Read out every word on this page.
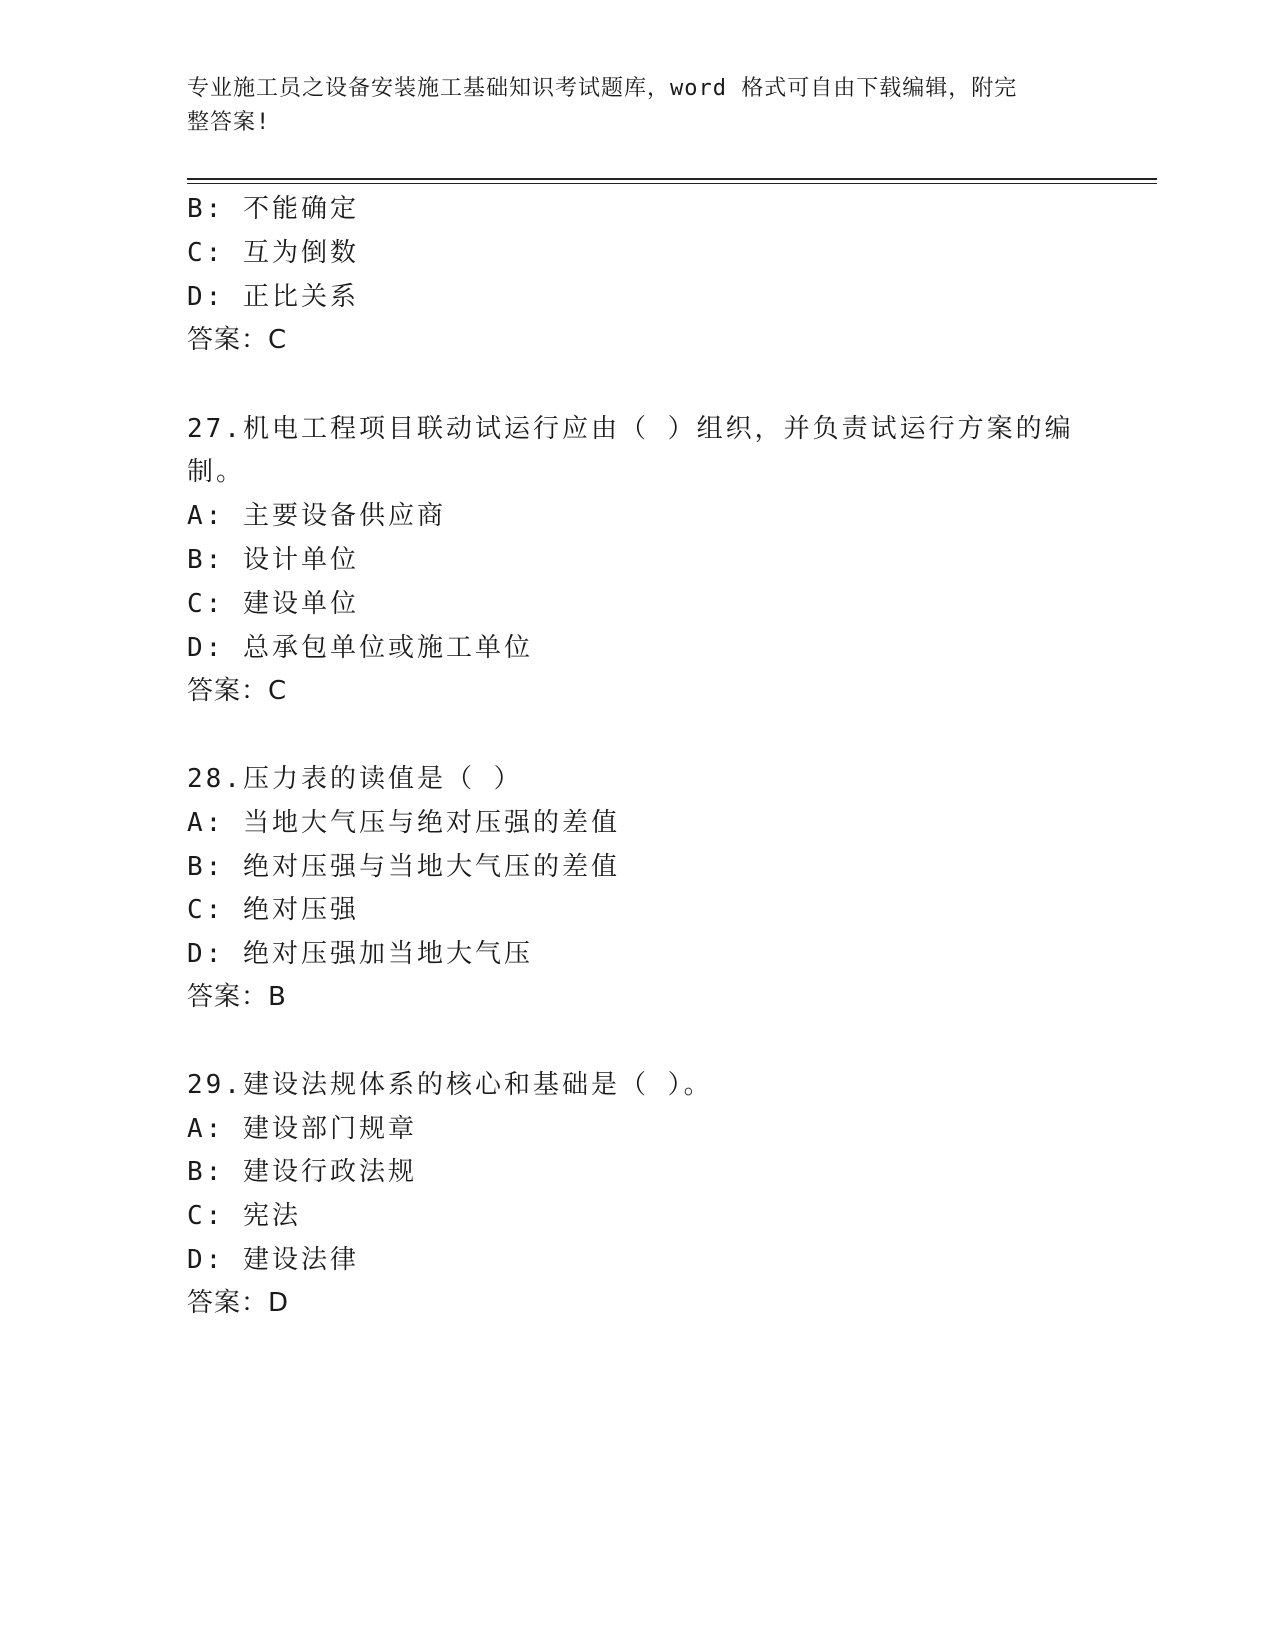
专业施工员之设备安装施工基础知识考试题库，word 格式可自由下载编辑，附完
整答案!
B: 不能确定
C: 互为倒数
D: 正比关系
答案：C
27.机电工程项目联动试运行应由（ ）组织，并负责试运行方案的编
制。
A: 主要设备供应商
B: 设计单位
C: 建设单位
D: 总承包单位或施工单位
答案：C
28.压力表的读值是（ ）
A: 当地大气压与绝对压强的差值
B: 绝对压强与当地大气压的差值
C: 绝对压强
D: 绝对压强加当地大气压
答案：B
29.建设法规体系的核心和基础是（ ）。
A: 建设部门规章
B: 建设行政法规
C: 宪法
D: 建设法律
答案：D
